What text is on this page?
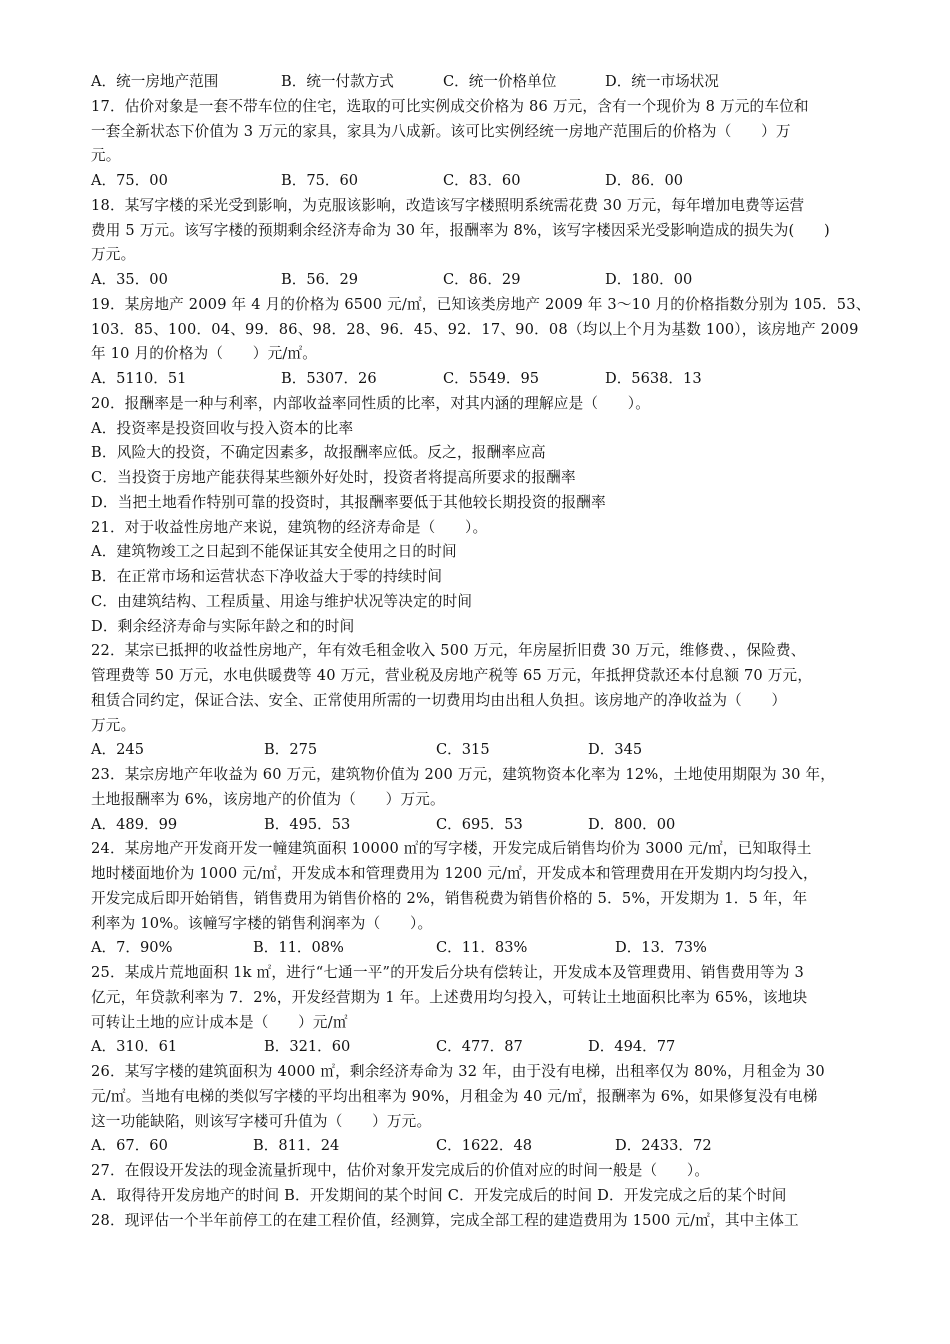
A．统一房地产范围	B．统一付款方式	C．统一价格单位	D．统一市场状况
17．估价对象是一套不带车位的住宅，选取的可比实例成交价格为 86 万元，含有一个现价为 8 万元的车位和
一套全新状态下价值为 3 万元的家具，家具为八成新。该可比实例经统一房地产范围后的价格为（　　）万
元。
A．75．00	B．75．60	C．83．60	D．86．00
18．某写字楼的采光受到影响，为克服该影响，改造该写字楼照明系统需花费 30 万元，每年增加电费等运营
费用 5 万元。该写字楼的预期剩余经济寿命为 30 年，报酬率为 8%，该写字楼因采光受影响造成的损失为(　　)
万元。
A．35．00	B．56．29	C．86．29	D．180．00
19．某房地产 2009 年 4 月的价格为 6500 元/㎡，已知该类房地产 2009 年 3～10 月的价格指数分别为 105．53、
103．85、100．04、99．86、98．28、96．45、92．17、90．08（均以上个月为基数 100），该房地产 2009
年 10 月的价格为（　　）元/㎡。
A．5110．51	B．5307．26	C．5549．95	D．5638．13
20．报酬率是一种与利率，内部收益率同性质的比率，对其内涵的理解应是（　　）。
A．投资率是投资回收与投入资本的比率
B．风险大的投资，不确定因素多，故报酬率应低。反之，报酬率应高
C．当投资于房地产能获得某些额外好处时，投资者将提高所要求的报酬率
D．当把土地看作特别可靠的投资时，其报酬率要低于其他较长期投资的报酬率
21．对于收益性房地产来说，建筑物的经济寿命是（　　）。
A．建筑物竣工之日起到不能保证其安全使用之日的时间
B．在正常市场和运营状态下净收益大于零的持续时间
C．由建筑结构、工程质量、用途与维护状况等决定的时间
D．剩余经济寿命与实际年龄之和的时间
22．某宗已抵押的收益性房地产，年有效毛租金收入 500 万元，年房屋折旧费 30 万元，维修费、，保险费、
管理费等 50 万元，水电供暖费等 40 万元，营业税及房地产税等 65 万元，年抵押贷款还本付息额 70 万元，
租赁合同约定，保证合法、安全、正常使用所需的一切费用均由出租人负担。该房地产的净收益为（　　）
万元。
A．245	B．275	C．315	D．345
23．某宗房地产年收益为 60 万元，建筑物价值为 200 万元，建筑物资本化率为 12%，土地使用期限为 30 年，
土地报酬率为 6%，该房地产的价值为（　　）万元。
A．489．99	B．495．53	C．695．53	D．800．00
24．某房地产开发商开发一幢建筑面积 10000 ㎡的写字楼，开发完成后销售均价为 3000 元/㎡，已知取得土
地时楼面地价为 1000 元/㎡，开发成本和管理费用为 1200 元/㎡，开发成本和管理费用在开发期内均匀投入，
开发完成后即开始销售，销售费用为销售价格的 2%，销售税费为销售价格的 5．5%，开发期为 1．5 年，年
利率为 10%。该幢写字楼的销售利润率为（　　）。
A．7．90%	B．11．08%	C．11．83%	D．13．73%
25．某成片荒地面积 1k ㎡，进行“七通一平”的开发后分块有偿转让，开发成本及管理费用、销售费用等为 3
亿元，年贷款利率为 7．2%，开发经营期为 1 年。上述费用均匀投入，可转让土地面积比率为 65%，该地块
可转让土地的应计成本是（　　）元/㎡
A．310．61	B．321．60	C．477．87	D．494．77
26．某写字楼的建筑面积为 4000 ㎡，剩余经济寿命为 32 年，由于没有电梯，出租率仅为 80%，月租金为 30
元/㎡。当地有电梯的类似写字楼的平均出租率为 90%，月租金为 40 元/㎡，报酬率为 6%，如果修复没有电梯
这一功能缺陷，则该写字楼可升值为（　　）万元。
A．67．60	B．811．24	C．1622．48	D．2433．72
27．在假设开发法的现金流量折现中，估价对象开发完成后的价值对应的时间一般是（　　）。
A．取得待开发房地产的时间 B．开发期间的某个时间 C．开发完成后的时间 D．开发完成之后的某个时间
28．现评估一个半年前停工的在建工程价值，经测算，完成全部工程的建造费用为 1500 元/㎡，其中主体工
